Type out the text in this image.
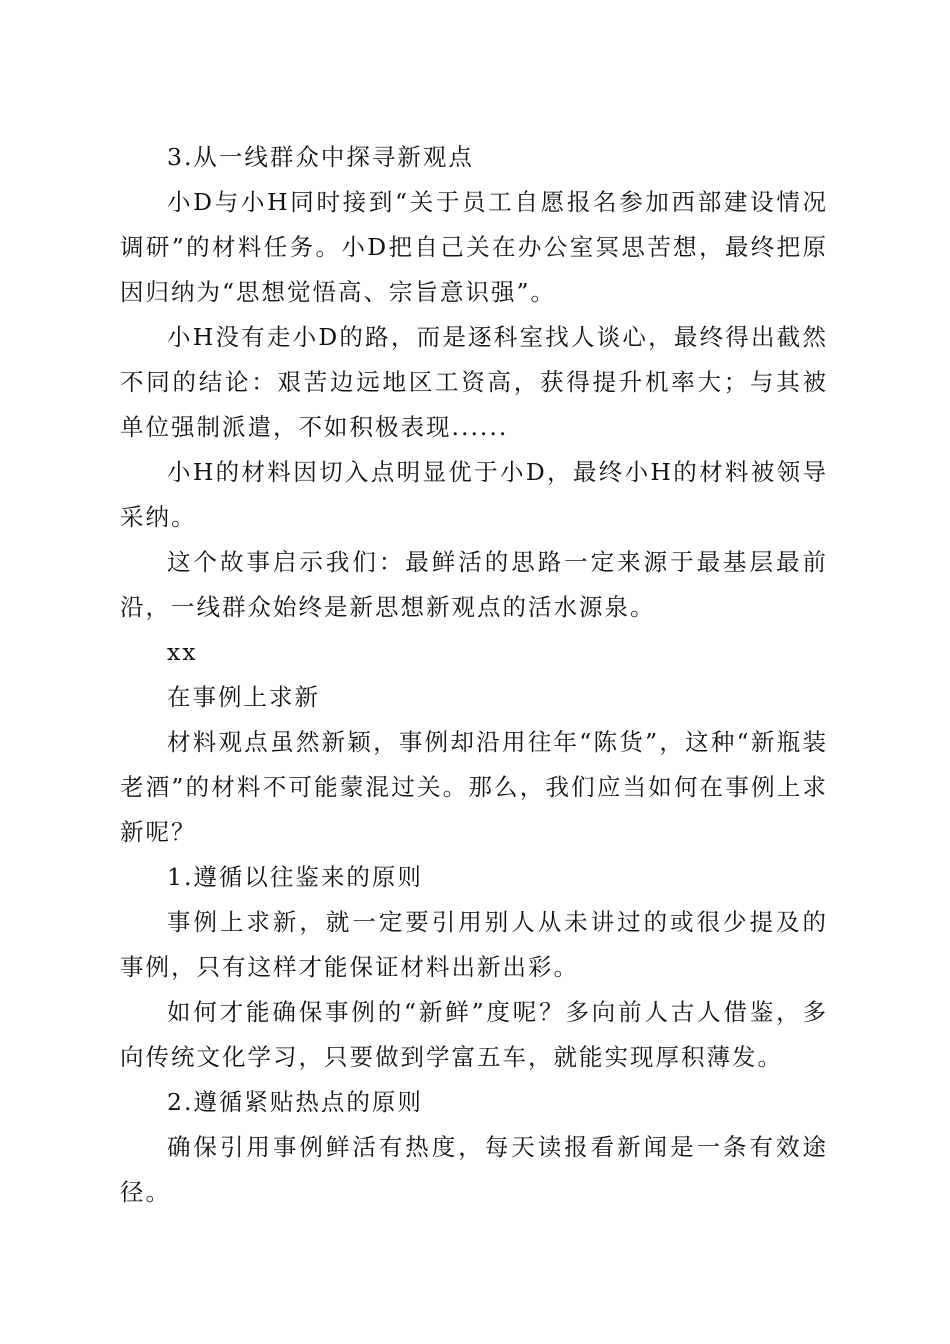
3.从一线群众中探寻新观点

小D与小H同时接到“关于员工自愿报名参加西部建设情况调研”的材料任务。小D把自己关在办公室冥思苦想，最终把原因归纳为“思想觉悟高、宗旨意识强”。

小H没有走小D的路，而是逐科室找人谈心，最终得出截然不同的结论：艰苦边远地区工资高，获得提升机率大；与其被单位强制派遣，不如积极表现......

小H的材料因切入点明显优于小D，最终小H的材料被领导采纳。

这个故事启示我们：最鲜活的思路一定来源于最基层最前沿，一线群众始终是新思想新观点的活水源泉。

xx

在事例上求新

材料观点虽然新颖，事例却沿用往年“陈货”，这种“新瓶装老酒”的材料不可能蒙混过关。那么，我们应当如何在事例上求新呢？

1.遵循以往鉴来的原则

事例上求新，就一定要引用别人从未讲过的或很少提及的事例，只有这样才能保证材料出新出彩。

如何才能确保事例的“新鲜”度呢？多向前人古人借鉴，多向传统文化学习，只要做到学富五车，就能实现厚积薄发。

2.遵循紧贴热点的原则

确保引用事例鲜活有热度，每天读报看新闻是一条有效途径。
